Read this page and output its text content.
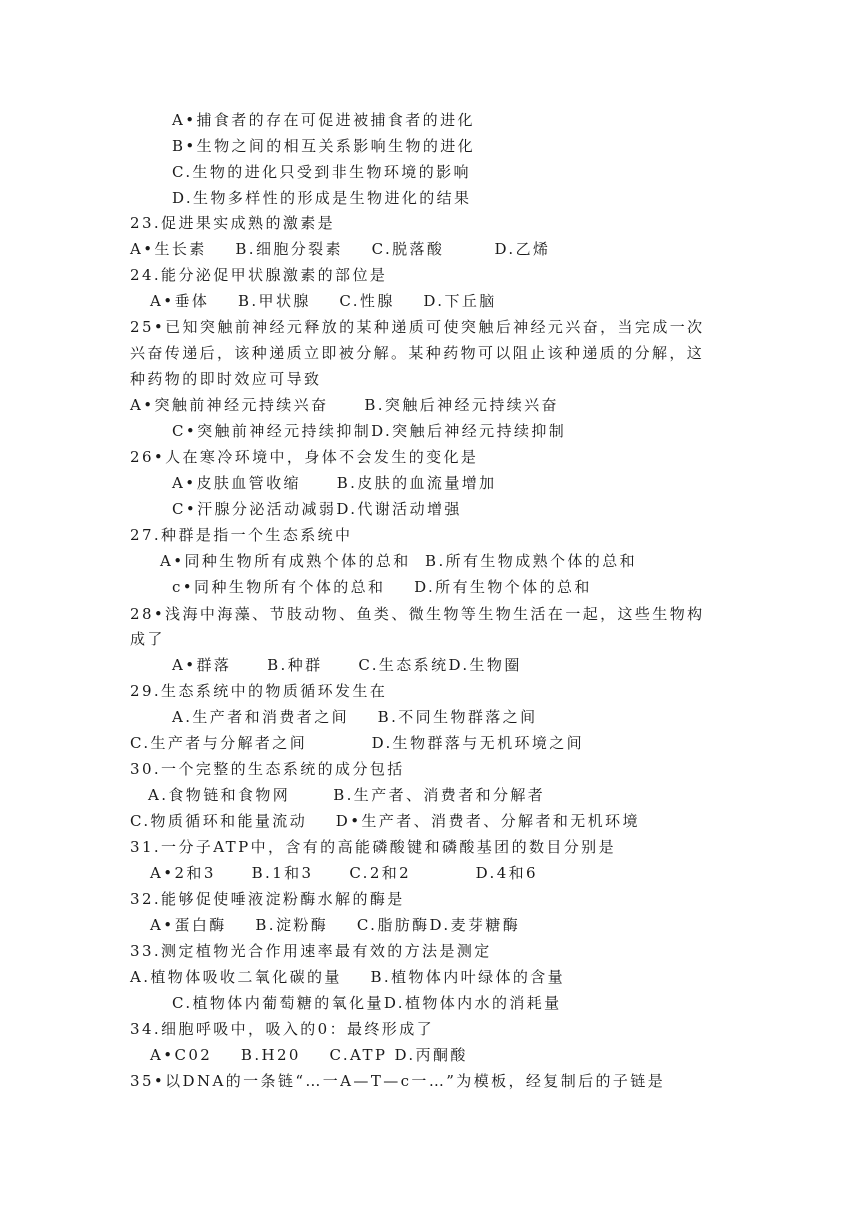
A•捕食者的存在可促进被捕食者的进化
B•生物之间的相互关系影响生物的进化
C.生物的进化只受到非生物环境的影响
D.生物多样性的形成是生物进化的结果
23.促进果实成熟的激素是
A•生长素    B.细胞分裂素    C.脱落酸       D.乙烯
24.能分泌促甲状腺激素的部位是
A•垂体    B.甲状腺    C.性腺    D.下丘脑
25•已知突触前神经元释放的某种递质可使突触后神经元兴奋，当完成一次
兴奋传递后，该种递质立即被分解。某种药物可以阻止该种递质的分解，这
种药物的即时效应可导致
A•突触前神经元持续兴奋     B.突触后神经元持续兴奋
C•突触前神经元持续抑制D.突触后神经元持续抑制
26•人在寒冷环境中，身体不会发生的变化是
A•皮肤血管收缩     B.皮肤的血流量增加
C•汗腺分泌活动减弱D.代谢活动增强
27.种群是指一个生态系统中
A•同种生物所有成熟个体的总和  B.所有生物成熟个体的总和
c•同种生物所有个体的总和    D.所有生物个体的总和
28•浅海中海藻、节肢动物、鱼类、微生物等生物生活在一起，这些生物构
成了
A•群落     B.种群     C.生态系统D.生物圈
29.生态系统中的物质循环发生在
A.生产者和消费者之间    B.不同生物群落之间
C.生产者与分解者之间         D.生物群落与无机环境之间
30.一个完整的生态系统的成分包括
A.食物链和食物网      B.生产者、消费者和分解者
C.物质循环和能量流动    D•生产者、消费者、分解者和无机环境
31.一分子ATP中，含有的高能磷酸键和磷酸基团的数目分别是
A•2和3     B.1和3     C.2和2         D.4和6
32.能够促使唾液淀粉酶水解的酶是
A•蛋白酶    B.淀粉酶    C.脂肪酶D.麦芽糖酶
33.测定植物光合作用速率最有效的方法是测定
A.植物体吸收二氧化碳的量    B.植物体内叶绿体的含量
C.植物体内葡萄糖的氧化量D.植物体内水的消耗量
34.细胞呼吸中，吸入的0：最终形成了
A•C02    B.H20    C.ATP D.丙酮酸
35•以DNA的一条链“…一A—T—c一…”为模板，经复制后的子链是
